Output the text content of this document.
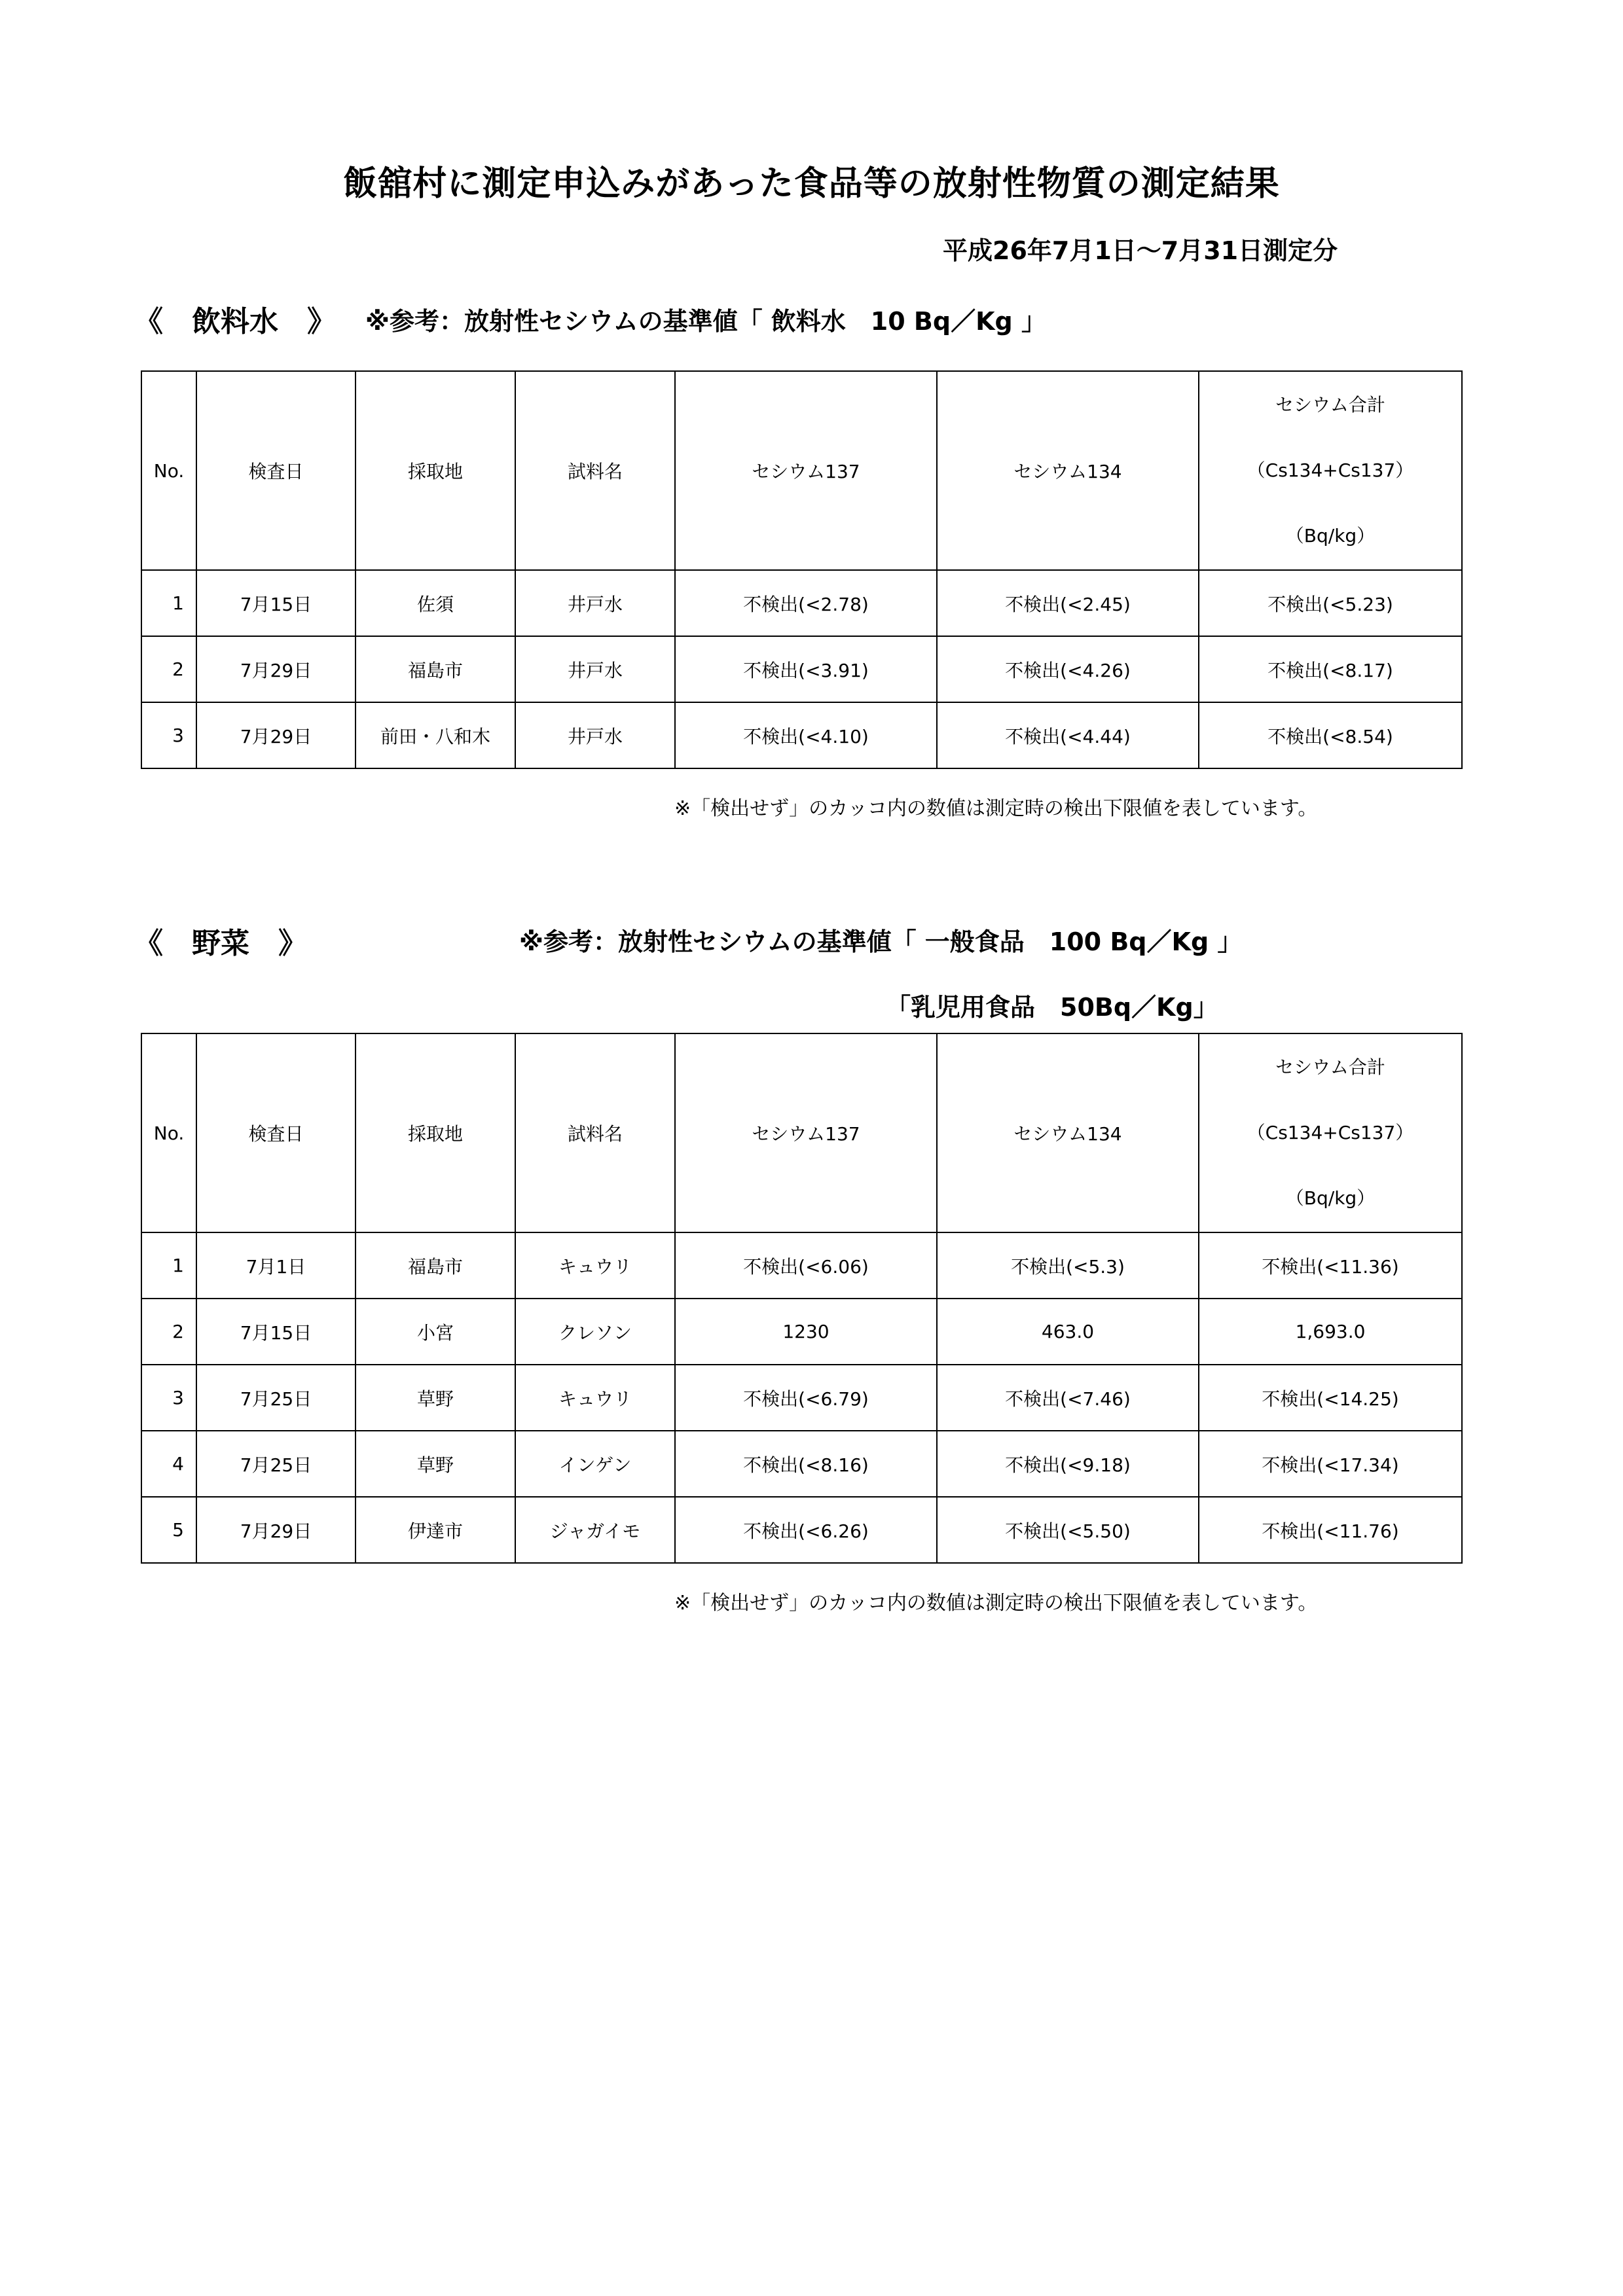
飯舘村に測定申込みがあった食品等の放射性物質の測定結果
平成26年7月1日～7月31日測定分
《　飲料水　》 ※参考：放射性セシウムの基準値「 飲料水　10 Bq／Kg 」
No.	検査日	採取地	試料名	セシウム137	セシウム134	セシウム合計
（Cs134+Cs137）
（Bq/kg）

1	7月15日	佐須	井戸水	不検出(<2.78)	不検出(<2.45)	不検出(<5.23)
2	7月29日	福島市	井戸水	不検出(<3.91)	不検出(<4.26)	不検出(<8.17)
3	7月29日	前田・八和木	井戸水	不検出(<4.10)	不検出(<4.44)	不検出(<8.54)
※「検出せず」のカッコ内の数値は測定時の検出下限値を表しています。
《　野菜　》	※参考：放射性セシウムの基準値「 一般食品　100 Bq／Kg 」
「乳児用食品　50Bq／Kg」
No.	検査日	採取地	試料名	セシウム137	セシウム134	セシウム合計
（Cs134+Cs137）
（Bq/kg）

1	7月1日	福島市	キュウリ	不検出(<6.06)	不検出(<5.3)	不検出(<11.36)
2	7月15日	小宮	クレソン	1230	463.0	1,693.0
3	7月25日	草野	キュウリ	不検出(<6.79)	不検出(<7.46)	不検出(<14.25)
4	7月25日	草野	インゲン	不検出(<8.16)	不検出(<9.18)	不検出(<17.34)
5	7月29日	伊達市	ジャガイモ	不検出(<6.26)	不検出(<5.50)	不検出(<11.76)
※「検出せず」のカッコ内の数値は測定時の検出下限値を表しています。
